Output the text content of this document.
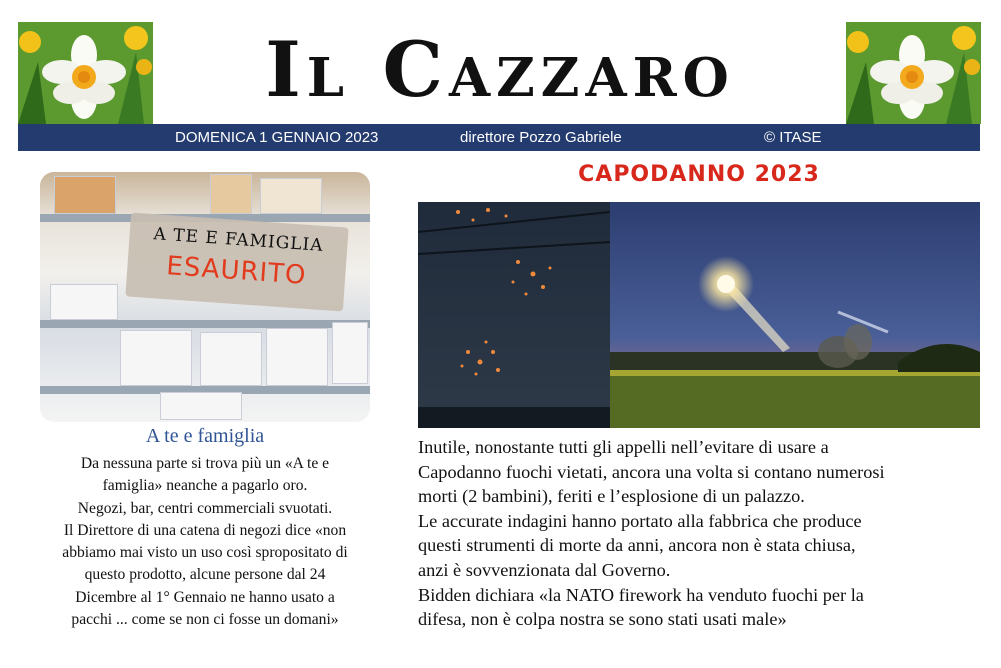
Il Cazzaro
DOMENICA 1 GENNAIO 2023	direttore Pozzo Gabriele	© ITASE
A TE E FAMIGLIA
ESAURITO
A te e famiglia
Da nessuna parte si trova più un «A te e
famiglia» neanche a pagarlo oro.
Negozi, bar, centri commerciali svuotati.
Il Direttore di una catena di negozi dice «non
abbiamo mai visto un uso così spropositato di
questo prodotto, alcune persone dal 24
Dicembre al 1° Gennaio ne hanno usato a
pacchi ... come se non ci fosse un domani»
CAPODANNO 2023

Inutile, nonostante tutti gli appelli nell’evitare di usare a

Capodanno fuochi vietati, ancora una volta si contano numerosi

morti (2 bambini), feriti e l’esplosione di un palazzo.

Le accurate indagini hanno portato alla fabbrica che produce

questi strumenti di morte da anni, ancora non è stata chiusa,

anzi è sovvenzionata dal Governo.

Bidden dichiara «la NATO firework ha venduto fuochi per la

difesa, non è colpa nostra se sono stati usati male»
